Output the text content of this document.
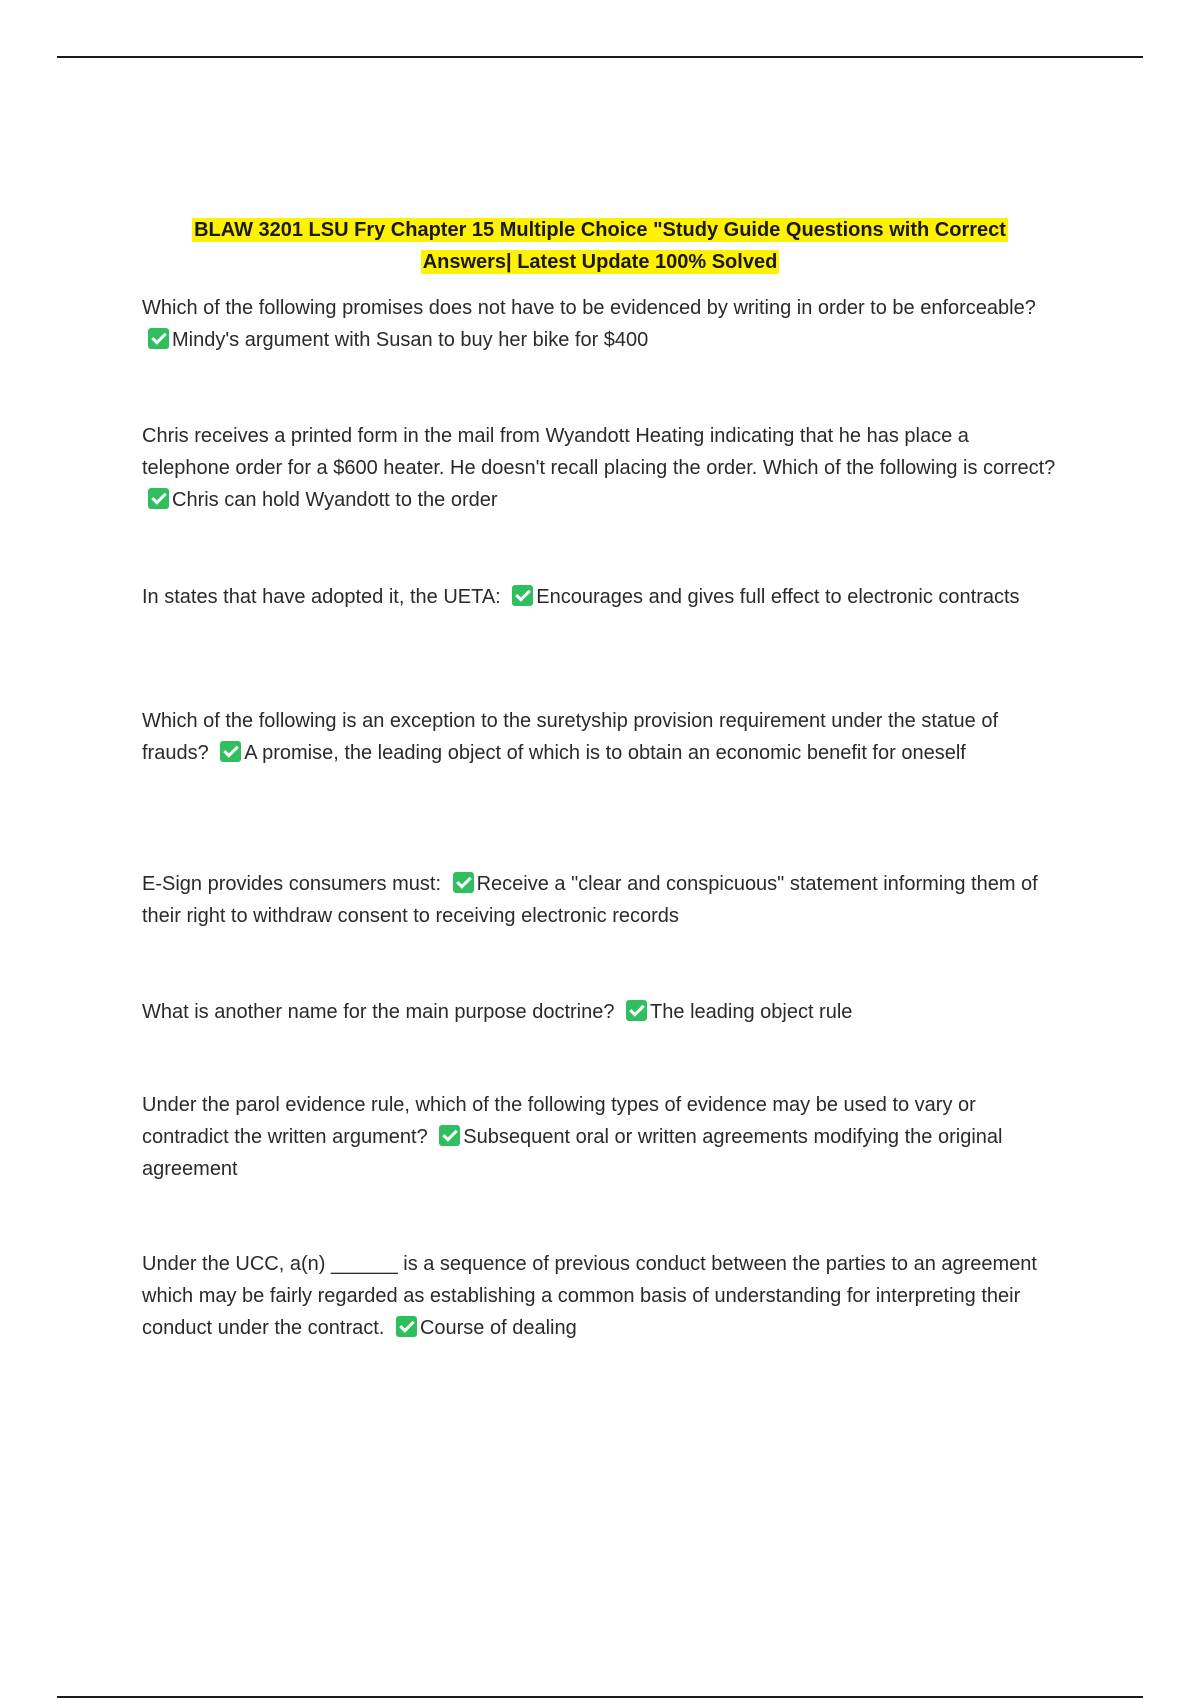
BLAW 3201 LSU Fry Chapter 15 Multiple Choice "Study Guide Questions with Correct
Answers| Latest Update 100% Solved
Which of the following promises does not have to be evidenced by writing in order to be enforceable? Mindy's argument with Susan to buy her bike for $400
Chris receives a printed form in the mail from Wyandott Heating indicating that he has place a telephone order for a $600 heater. He doesn't recall placing the order. Which of the following is correct? Chris can hold Wyandott to the order
In states that have adopted it, the UETA: Encourages and gives full effect to electronic contracts
Which of the following is an exception to the suretyship provision requirement under the statue of frauds? A promise, the leading object of which is to obtain an economic benefit for oneself
E-Sign provides consumers must: Receive a "clear and conspicuous" statement informing them of their right to withdraw consent to receiving electronic records
What is another name for the main purpose doctrine? The leading object rule
Under the parol evidence rule, which of the following types of evidence may be used to vary or contradict the written argument? Subsequent oral or written agreements modifying the original agreement
Under the UCC, a(n) ______ is a sequence of previous conduct between the parties to an agreement which may be fairly regarded as establishing a common basis of understanding for interpreting their conduct under the contract. Course of dealing
